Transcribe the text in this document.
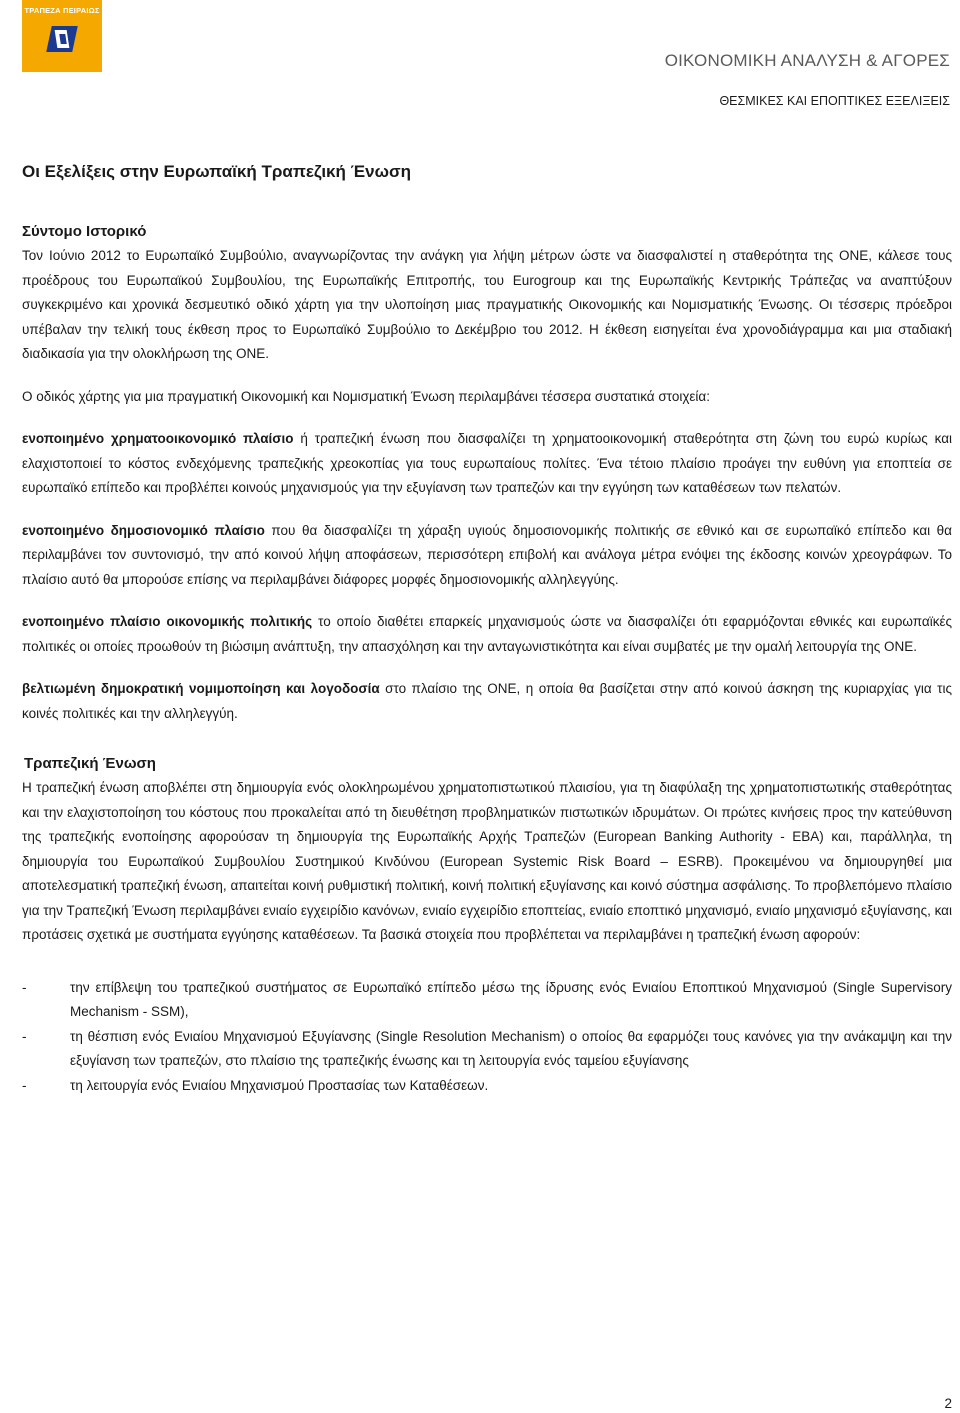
ΤΡΑΠΕΖΑ ΠΕΙΡΑΙΩΣ
ΟΙΚΟΝΟΜΙΚΗ ΑΝΑΛΥΣΗ & ΑΓΟΡΕΣ
ΘΕΣΜΙΚΕΣ ΚΑΙ ΕΠΟΠΤΙΚΕΣ ΕΞΕΛΙΞΕΙΣ
Οι Εξελίξεις στην Ευρωπαϊκή Τραπεζική Ένωση
Σύντομο Ιστορικό

Τον Ιούνιο 2012 το Ευρωπαϊκό Συμβούλιο, αναγνωρίζοντας την ανάγκη για λήψη μέτρων ώστε να διασφαλιστεί η σταθερότητα της ΟΝΕ, κάλεσε τους προέδρους του Ευρωπαϊκού Συμβουλίου, της Ευρωπαϊκής Επιτροπής, του Eurogroup και της Ευρωπαϊκής Κεντρικής Τράπεζας να αναπτύξουν συγκεκριμένο και χρονικά δεσμευτικό οδικό χάρτη για την υλοποίηση μιας πραγματικής Οικονομικής και Νομισματικής Ένωσης. Οι τέσσερις πρόεδροι υπέβαλαν την τελική τους έκθεση προς το Ευρωπαϊκό Συμβούλιο το Δεκέμβριο του 2012. Η έκθεση εισηγείται ένα χρονοδιάγραμμα και μια σταδιακή διαδικασία για την ολοκλήρωση της ΟΝΕ.

Ο οδικός χάρτης για μια πραγματική Οικονομική και Νομισματική Ένωση περιλαμβάνει τέσσερα συστατικά στοιχεία:

ενοποιημένο χρηματοοικονομικό πλαίσιο ή τραπεζική ένωση που διασφαλίζει τη χρηματοοικονομική σταθερότητα στη ζώνη του ευρώ κυρίως και ελαχιστοποιεί το κόστος ενδεχόμενης τραπεζικής χρεοκοπίας για τους ευρωπαίους πολίτες. Ένα τέτοιο πλαίσιο προάγει την ευθύνη για εποπτεία σε ευρωπαϊκό επίπεδο και προβλέπει κοινούς μηχανισμούς για την εξυγίανση των τραπεζών και την εγγύηση των καταθέσεων των πελατών.

ενοποιημένο δημοσιονομικό πλαίσιο που θα διασφαλίζει τη χάραξη υγιούς δημοσιονομικής πολιτικής σε εθνικό και σε ευρωπαϊκό επίπεδο και θα περιλαμβάνει τον συντονισμό, την από κοινού λήψη αποφάσεων, περισσότερη επιβολή και ανάλογα μέτρα ενόψει της έκδοσης κοινών χρεογράφων. Το πλαίσιο αυτό θα μπορούσε επίσης να περιλαμβάνει διάφορες μορφές δημοσιονομικής αλληλεγγύης.

ενοποιημένο πλαίσιο οικονομικής πολιτικής το οποίο διαθέτει επαρκείς μηχανισμούς ώστε να διασφαλίζει ότι εφαρμόζονται εθνικές και ευρωπαϊκές πολιτικές οι οποίες προωθούν τη βιώσιμη ανάπτυξη, την απασχόληση και την ανταγωνιστικότητα και είναι συμβατές με την ομαλή λειτουργία της ΟΝΕ.

βελτιωμένη δημοκρατική νομιμοποίηση και λογοδοσία στο πλαίσιο της ΟΝΕ, η οποία θα βασίζεται στην από κοινού άσκηση της κυριαρχίας για τις κοινές πολιτικές και την αλληλεγγύη.

Τραπεζική Ένωση

Η τραπεζική ένωση αποβλέπει στη δημιουργία ενός ολοκληρωμένου χρηματοπιστωτικού πλαισίου, για τη διαφύλαξη της χρηματοπιστωτικής σταθερότητας και την ελαχιστοποίηση του κόστους που προκαλείται από τη διευθέτηση προβληματικών πιστωτικών ιδρυμάτων. Οι πρώτες κινήσεις προς την κατεύθυνση της τραπεζικής ενοποίησης αφορούσαν τη δημιουργία της Ευρωπαϊκής Αρχής Τραπεζών (European Banking Authority - EBA) και, παράλληλα, τη δημιουργία του Ευρωπαϊκού Συμβουλίου Συστημικού Κινδύνου (European Systemic Risk Board – ESRB). Προκειμένου να δημιουργηθεί μια αποτελεσματική τραπεζική ένωση, απαιτείται κοινή ρυθμιστική πολιτική, κοινή πολιτική εξυγίανσης και κοινό σύστημα ασφάλισης. Το προβλεπόμενο πλαίσιο για την Τραπεζική Ένωση περιλαμβάνει ενιαίο εγχειρίδιο κανόνων, ενιαίο εγχειρίδιο εποπτείας, ενιαίο εποπτικό μηχανισμό, ενιαίο μηχανισμό εξυγίανσης, και προτάσεις σχετικά με συστήματα εγγύησης καταθέσεων. Τα βασικά στοιχεία που προβλέπεται να περιλαμβάνει η τραπεζική ένωση αφορούν:

-	την επίβλεψη του τραπεζικού συστήματος σε Ευρωπαϊκό επίπεδο μέσω της ίδρυσης ενός Ενιαίου Εποπτικού Μηχανισμού (Single Supervisory Mechanism - SSM),
-	τη θέσπιση ενός Ενιαίου Μηχανισμού Εξυγίανσης (Single Resolution Mechanism) ο οποίος θα εφαρμόζει τους κανόνες για την ανάκαμψη και την εξυγίανση των τραπεζών, στο πλαίσιο της τραπεζικής ένωσης και τη λειτουργία ενός ταμείου εξυγίανσης
-	τη λειτουργία ενός Ενιαίου Μηχανισμού Προστασίας των Καταθέσεων.
2
